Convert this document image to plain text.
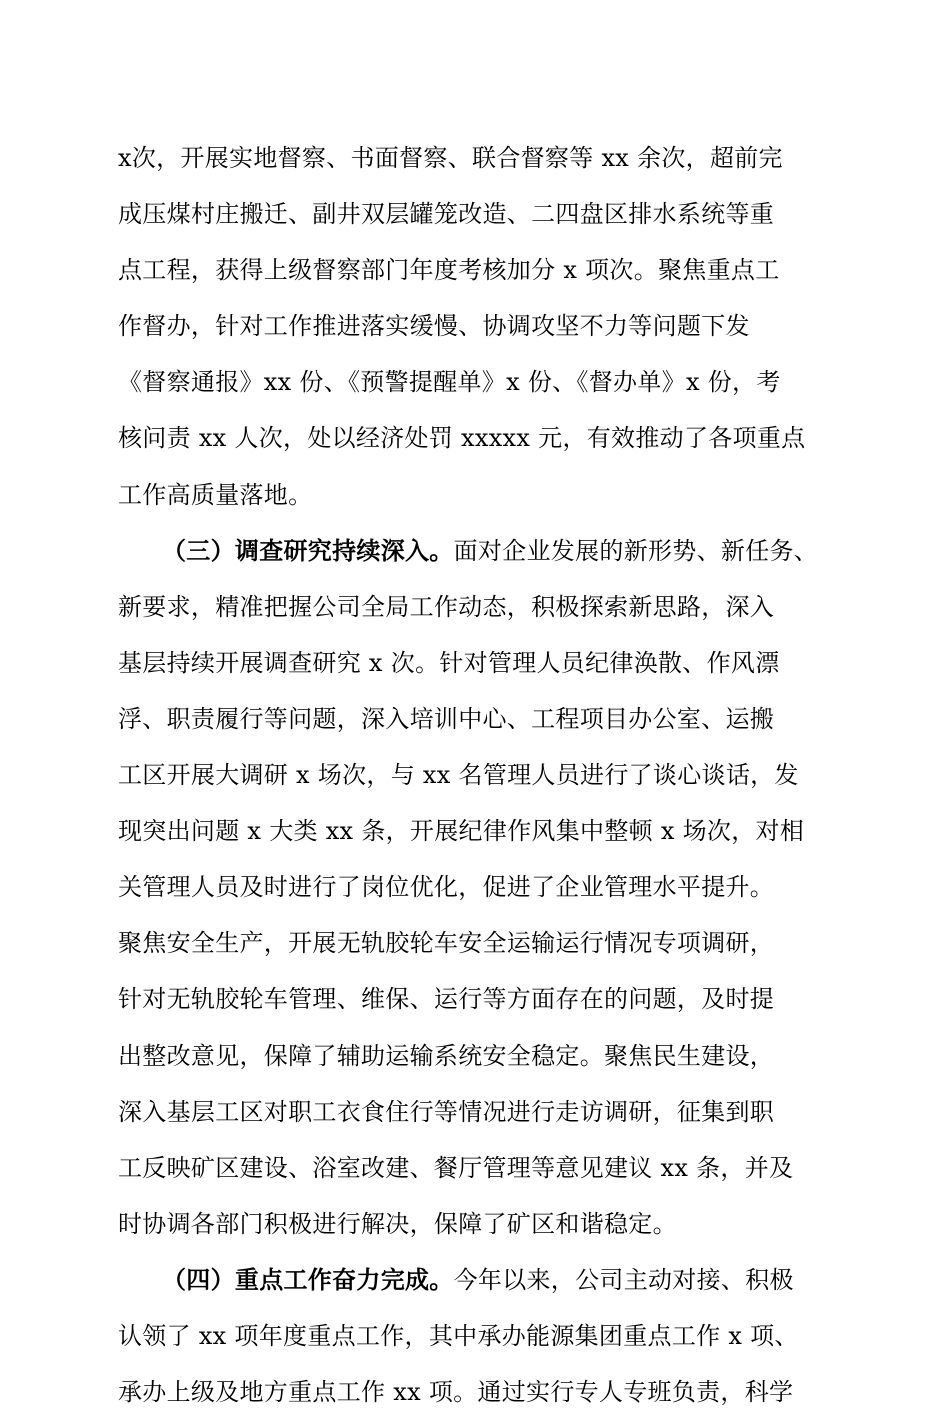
x次，开展实地督察、书面督察、联合督察等 xx 余次，超前完
成压煤村庄搬迁、副井双层罐笼改造、二四盘区排水系统等重
点工程，获得上级督察部门年度考核加分 x 项次。聚焦重点工
作督办，针对工作推进落实缓慢、协调攻坚不力等问题下发
《督察通报》xx 份、《预警提醒单》x 份、《督办单》x 份，考
核问责 xx 人次，处以经济处罚 xxxxx 元，有效推动了各项重点
工作高质量落地。
（三）调查研究持续深入。面对企业发展的新形势、新任务、
新要求，精准把握公司全局工作动态，积极探索新思路，深入
基层持续开展调查研究 x 次。针对管理人员纪律涣散、作风漂
浮、职责履行等问题，深入培训中心、工程项目办公室、运搬
工区开展大调研 x 场次，与 xx 名管理人员进行了谈心谈话，发
现突出问题 x 大类 xx 条，开展纪律作风集中整顿 x 场次，对相
关管理人员及时进行了岗位优化，促进了企业管理水平提升。
聚焦安全生产，开展无轨胶轮车安全运输运行情况专项调研，
针对无轨胶轮车管理、维保、运行等方面存在的问题，及时提
出整改意见，保障了辅助运输系统安全稳定。聚焦民生建设，
深入基层工区对职工衣食住行等情况进行走访调研，征集到职
工反映矿区建设、浴室改建、餐厅管理等意见建议 xx 条，并及
时协调各部门积极进行解决，保障了矿区和谐稳定。
（四）重点工作奋力完成。今年以来，公司主动对接、积极
认领了 xx 项年度重点工作，其中承办能源集团重点工作 x 项、
承办上级及地方重点工作 xx 项。通过实行专人专班负责，科学
